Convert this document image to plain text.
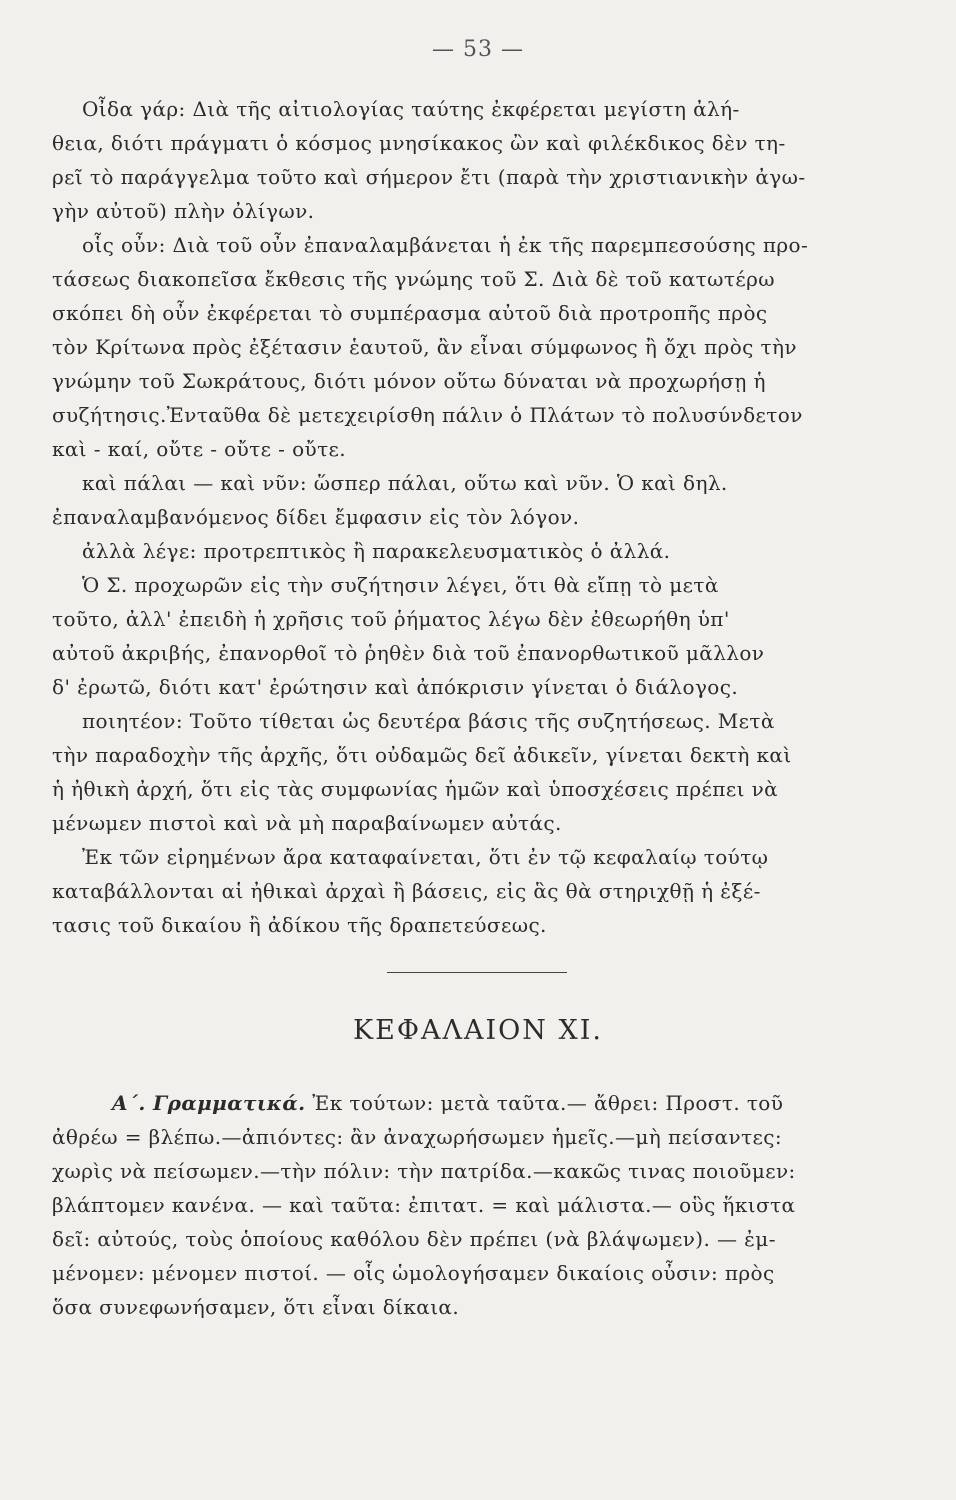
— 53 —
Οἶδα γάρ: Διὰ τῆς αἰτιολογίας ταύτης ἐκφέρεται μεγίστη ἀλή-
θεια, διότι πράγματι ὁ κόσμος μνησίκακος ὢν καὶ φιλέκδικος δὲν τη-
ρεῖ τὸ παράγγελμα τοῦτο καὶ σήμερον ἔτι (παρὰ τὴν χριστιανικὴν ἀγω-
γὴν αὐτοῦ) πλὴν ὀλίγων.
οἷς οὖν: Διὰ τοῦ οὖν ἐπαναλαμβάνεται ἡ ἐκ τῆς παρεμπεσούσης προ-
τάσεως διακοπεῖσα ἔκθεσις τῆς γνώμης τοῦ Σ. Διὰ δὲ τοῦ κατωτέρω
σκόπει δὴ οὖν ἐκφέρεται τὸ συμπέρασμα αὐτοῦ διὰ προτροπῆς πρὸς
τὸν Κρίτωνα πρὸς ἐξέτασιν ἑαυτοῦ, ἂν εἶναι σύμφωνος ἢ ὄχι πρὸς τὴν
γνώμην τοῦ Σωκράτους, διότι μόνον οὕτω δύναται νὰ προχωρήσῃ ἡ
συζήτησις.Ἐνταῦθα δὲ μετεχειρίσθη πάλιν ὁ Πλάτων τὸ πολυσύνδετον
καὶ - καί, οὔτε - οὔτε - οὔτε.
καὶ πάλαι — καὶ νῦν: ὥσπερ πάλαι, οὕτω καὶ νῦν. Ὁ καὶ δηλ.
ἐπαναλαμβανόμενος δίδει ἔμφασιν εἰς τὸν λόγον.
ἀλλὰ λέγε: προτρεπτικὸς ἢ παρακελευσματικὸς ὁ ἀλλά.
Ὁ Σ. προχωρῶν εἰς τὴν συζήτησιν λέγει, ὅτι θὰ εἴπῃ τὸ μετὰ
τοῦτο, ἀλλ' ἐπειδὴ ἡ χρῆσις τοῦ ῥήματος λέγω δὲν ἐθεωρήθη ὑπ'
αὐτοῦ ἀκριβής, ἐπανορθοῖ τὸ ῥηθὲν διὰ τοῦ ἐπανορθωτικοῦ μᾶλλον
δ' ἐρωτῶ, διότι κατ' ἐρώτησιν καὶ ἀπόκρισιν γίνεται ὁ διάλογος.
ποιητέον: Τοῦτο τίθεται ὡς δευτέρα βάσις τῆς συζητήσεως. Μετὰ
τὴν παραδοχὴν τῆς ἀρχῆς, ὅτι οὐδαμῶς δεῖ ἀδικεῖν, γίνεται δεκτὴ καὶ
ἡ ἠθικὴ ἀρχή, ὅτι εἰς τὰς συμφωνίας ἡμῶν καὶ ὑποσχέσεις πρέπει νὰ
μένωμεν πιστοὶ καὶ νὰ μὴ παραβαίνωμεν αὐτάς.
Ἐκ τῶν εἰρημένων ἄρα καταφαίνεται, ὅτι ἐν τῷ κεφαλαίῳ τούτῳ
καταβάλλονται αἱ ἠθικαὶ ἀρχαὶ ἢ βάσεις, εἰς ἃς θὰ στηριχθῇ ἡ ἐξέ-
τασις τοῦ δικαίου ἢ ἀδίκου τῆς δραπετεύσεως.
ΚΕΦΑΛΑΙΟΝ XI.
Α΄. Γραμματικά. Ἐκ τούτων: μετὰ ταῦτα.— ἄθρει: Προστ. τοῦ
ἀθρέω = βλέπω.—ἀπιόντες: ἂν ἀναχωρήσωμεν ἡμεῖς.—μὴ πείσαντες:
χωρὶς νὰ πείσωμεν.—τὴν πόλιν: τὴν πατρίδα.—κακῶς τινας ποιοῦμεν:
βλάπτομεν κανένα. — καὶ ταῦτα: ἐπιτατ. = καὶ μάλιστα.— οὓς ἥκιστα
δεῖ: αὐτούς, τοὺς ὁποίους καθόλου δὲν πρέπει (νὰ βλάψωμεν). — ἐμ-
μένομεν: μένομεν πιστοί. — οἷς ὡμολογήσαμεν δικαίοις οὖσιν: πρὸς
ὅσα συνεφωνήσαμεν, ὅτι εἶναι δίκαια.
